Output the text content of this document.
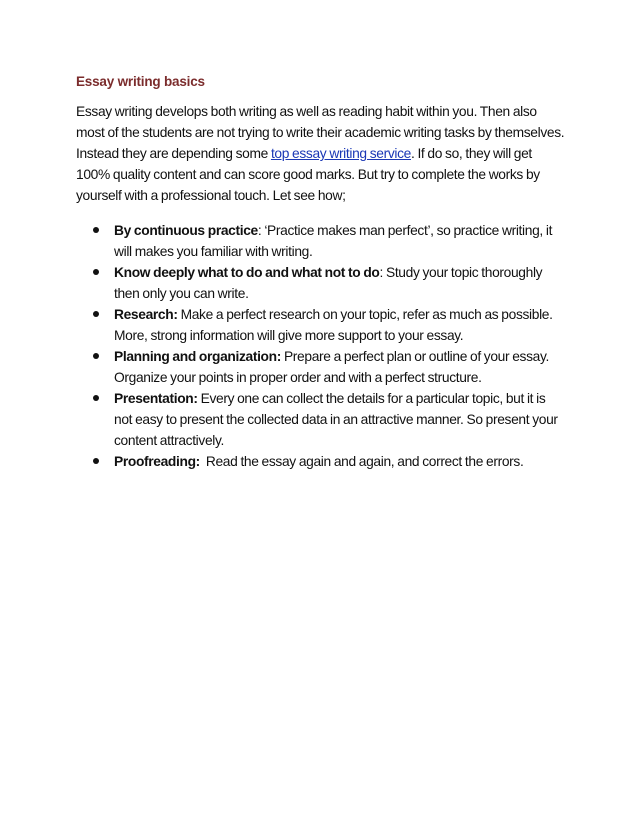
Essay writing basics

Essay writing develops both writing as well as reading habit within you. Then also most of the students are not trying to write their academic writing tasks by themselves. Instead they are depending some top essay writing service. If do so, they will get 100% quality content and can score good marks. But try to complete the works by yourself with a professional touch. Let see how;

By continuous practice: ‘Practice makes man perfect’, so practice writing, it will makes you familiar with writing.
Know deeply what to do and what not to do: Study your topic thoroughly then only you can write.
Research: Make a perfect research on your topic, refer as much as possible. More, strong information will give more support to your essay.
Planning and organization: Prepare a perfect plan or outline of your essay. Organize your points in proper order and with a perfect structure.
Presentation: Every one can collect the details for a particular topic, but it is not easy to present the collected data in an attractive manner. So present your content attractively.
Proofreading: Read the essay again and again, and correct the errors.
